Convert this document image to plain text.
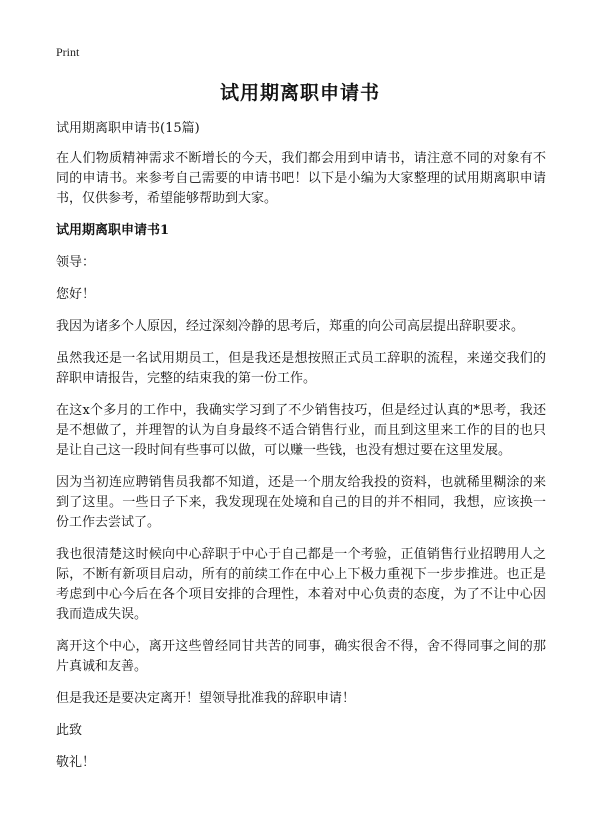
Print
试用期离职申请书

试用期离职申请书(15篇)

在人们物质精神需求不断增长的今天，我们都会用到申请书，请注意不同的对象有不同的申请书。来参考自己需要的申请书吧！以下是小编为大家整理的试用期离职申请书，仅供参考，希望能够帮助到大家。

试用期离职申请书1

领导：

您好！

我因为诸多个人原因，经过深刻冷静的思考后，郑重的向公司高层提出辞职要求。

虽然我还是一名试用期员工，但是我还是想按照正式员工辞职的流程，来递交我们的辞职申请报告，完整的结束我的第一份工作。

在这x个多月的工作中，我确实学习到了不少销售技巧，但是经过认真的*思考，我还是不想做了，并理智的认为自身最终不适合销售行业，而且到这里来工作的目的也只是让自己这一段时间有些事可以做，可以赚一些钱，也没有想过要在这里发展。

因为当初连应聘销售员我都不知道，还是一个朋友给我投的资料，也就稀里糊涂的来到了这里。一些日子下来，我发现现在处境和自己的目的并不相同，我想，应该换一份工作去尝试了。

我也很清楚这时候向中心辞职于中心于自己都是一个考验，正值销售行业招聘用人之际，不断有新项目启动，所有的前续工作在中心上下极力重视下一步步推进。也正是考虑到中心今后在各个项目安排的合理性，本着对中心负责的态度，为了不让中心因我而造成失误。

离开这个中心，离开这些曾经同甘共苦的同事，确实很舍不得，舍不得同事之间的那片真诚和友善。

但是我还是要决定离开！望领导批准我的辞职申请！

此致

敬礼！
